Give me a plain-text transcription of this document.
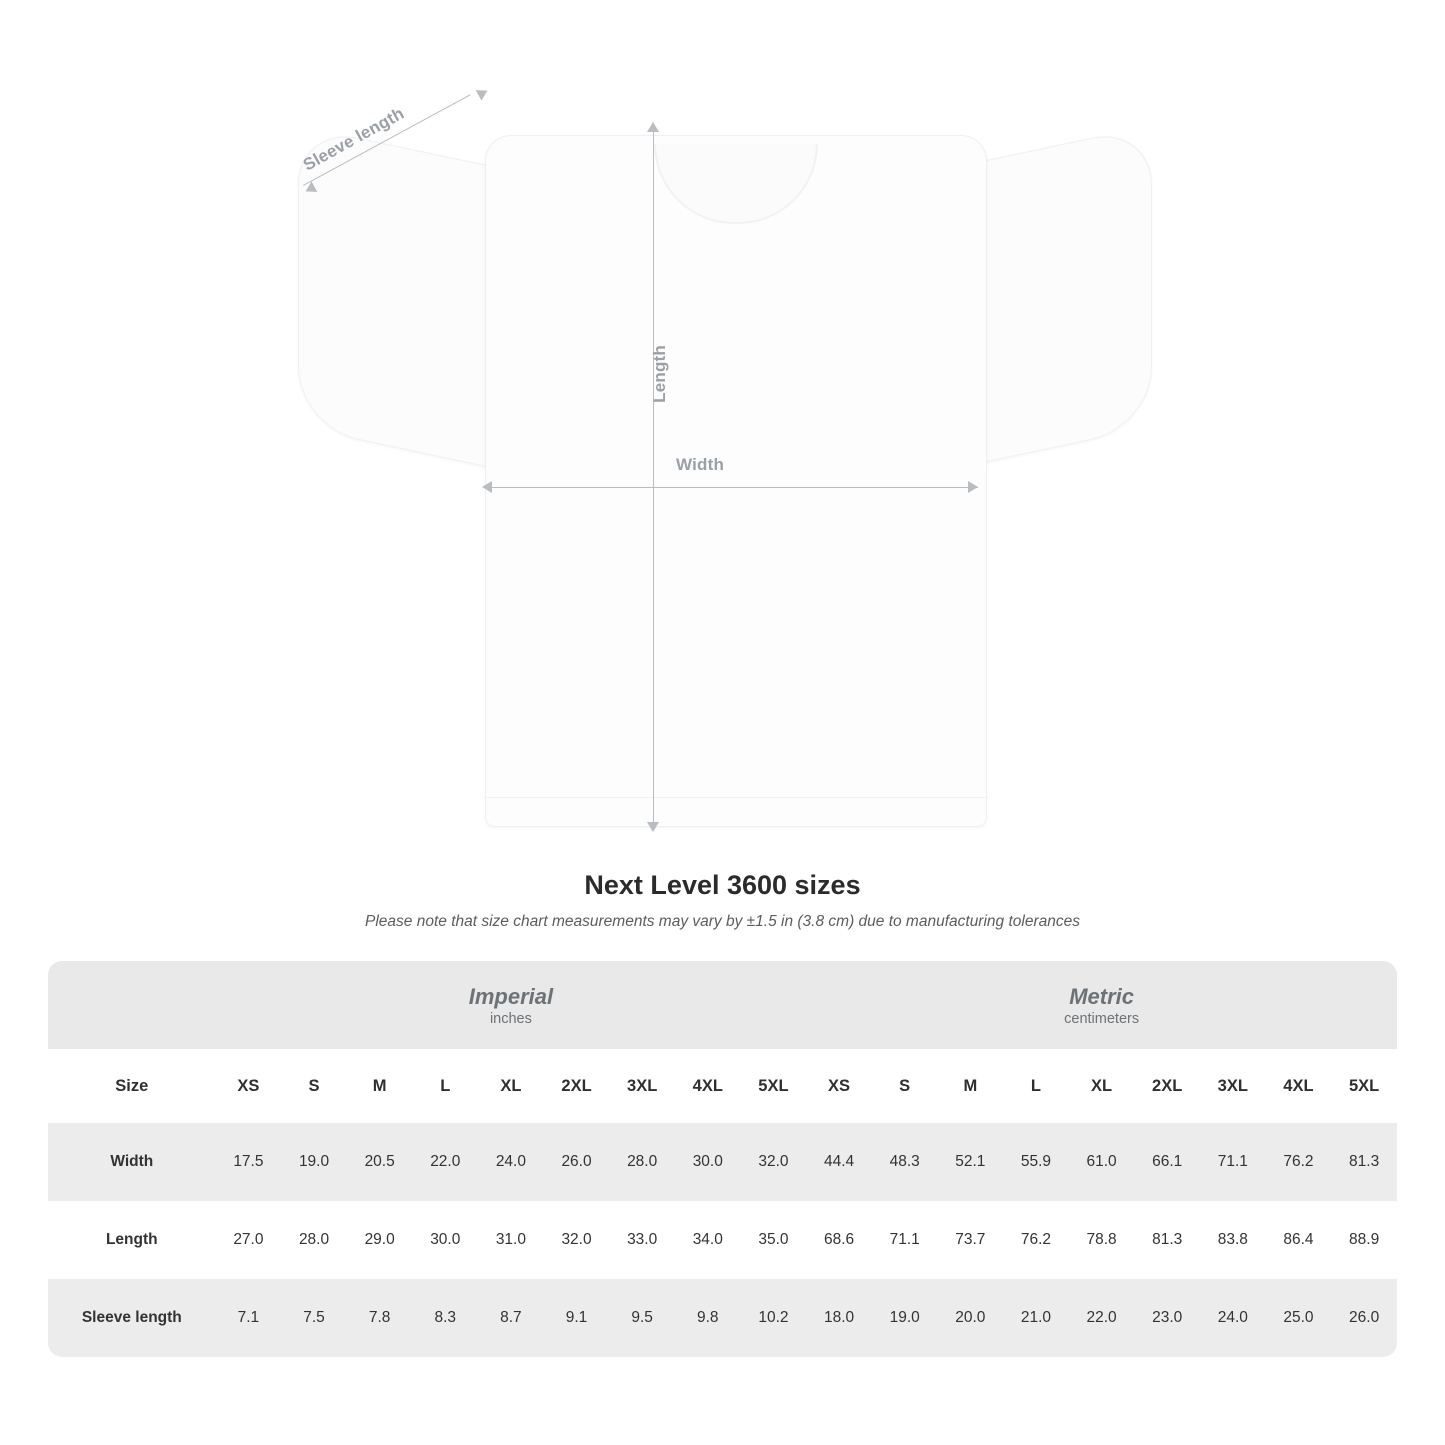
Length
Width
Sleeve length
Next Level 3600 sizes

Please note that size chart measurements may vary by ±1.5 in (3.8 cm) due to manufacturing tolerances

Imperial
inches

Metric
centimeters

Size	XS	S	M	L	XL	2XL	3XL	4XL	5XL	XS	S	M	L	XL	2XL	3XL	4XL	5XL
Width	17.5	19.0	20.5	22.0	24.0	26.0	28.0	30.0	32.0	44.4	48.3	52.1	55.9	61.0	66.1	71.1	76.2	81.3
Length	27.0	28.0	29.0	30.0	31.0	32.0	33.0	34.0	35.0	68.6	71.1	73.7	76.2	78.8	81.3	83.8	86.4	88.9
Sleeve length	7.1	7.5	7.8	8.3	8.7	9.1	9.5	9.8	10.2	18.0	19.0	20.0	21.0	22.0	23.0	24.0	25.0	26.0
